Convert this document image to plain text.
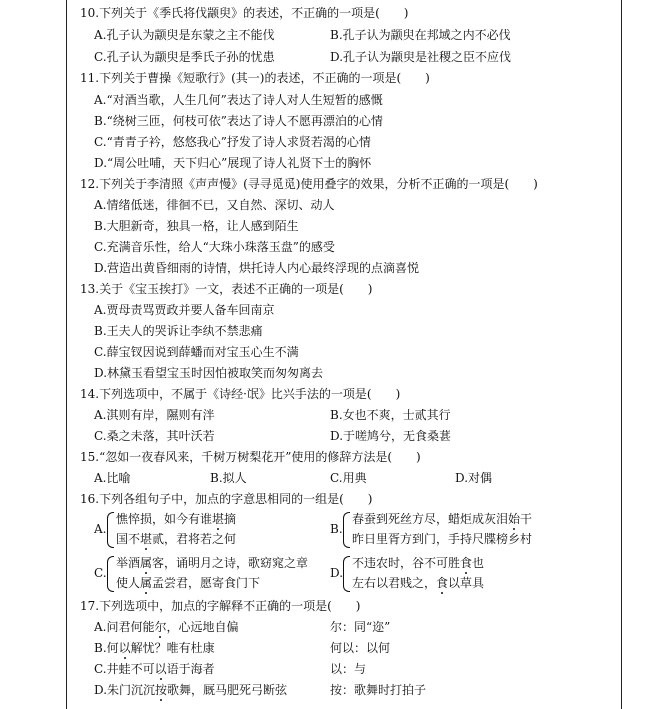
10.下列关于《季氏将伐颛臾》的表述，不正确的一项是(　　)
A.孔子认为颛臾是东蒙之主不能伐	B.孔子认为颛臾在邦域之内不必伐
C.孔子认为颛臾是季氏子孙的忧患	D.孔子认为颛臾是社稷之臣不应伐
11.下列关于曹操《短歌行》(其一)的表述，不正确的一项是(　　)
A.“对酒当歌，人生几何”表达了诗人对人生短暂的感慨
B.“绕树三匝，何枝可依”表达了诗人不愿再漂泊的心情
C.“青青子衿，悠悠我心”抒发了诗人求贤若渴的心情
D.“周公吐哺，天下归心”展现了诗人礼贤下士的胸怀
12.下列关于李清照《声声慢》(寻寻觅觅)使用叠字的效果，分析不正确的一项是(　　)
A.情绪低迷，徘徊不已，又自然、深切、动人
B.大胆新奇，独具一格，让人感到陌生
C.充满音乐性，给人“大珠小珠落玉盘”的感受
D.营造出黄昏细雨的诗情，烘托诗人内心最终浮现的点滴喜悦
13.关于《宝玉挨打》一文，表述不正确的一项是(　　)
A.贾母责骂贾政并要人备车回南京
B.王夫人的哭诉让李纨不禁悲痛
C.薛宝钗因说到薛蟠而对宝玉心生不满
D.林黛玉看望宝玉时因怕被取笑而匆匆离去
14.下列选项中，不属于《诗经·氓》比兴手法的一项是(　　)
A.淇则有岸，隰则有泮	B.女也不爽，士贰其行
C.桑之未落，其叶沃若	D.于嗟鸠兮，无食桑葚
15.“忽如一夜春风来，千树万树梨花开”使用的修辞方法是(　　)
A.比喻	B.拟人	C.用典	D.对偶
16.下列各组句子中，加点的字意思相同的一组是(　　)
A.
憔悴损，如今有谁堪摘
国不堪贰，君将若之何
B.
春蚕到死丝方尽，蜡炬成灰泪始干
昨日里胥方到门，手持尺牒榜乡村
C.
举酒属客，诵明月之诗，歌窈窕之章
使人属孟尝君，愿寄食门下
D.
不违农时，谷不可胜食也
左右以君贱之，食以草具
17.下列选项中，加点的字解释不正确的一项是(　　)
A.问君何能尔，心远地自偏	尔：同“迩”
B.何以解忧？唯有杜康	何以：以何
C.井蛙不可以语于海者	以：与
D.朱门沉沉按歌舞，厩马肥死弓断弦	按：歌舞时打拍子
